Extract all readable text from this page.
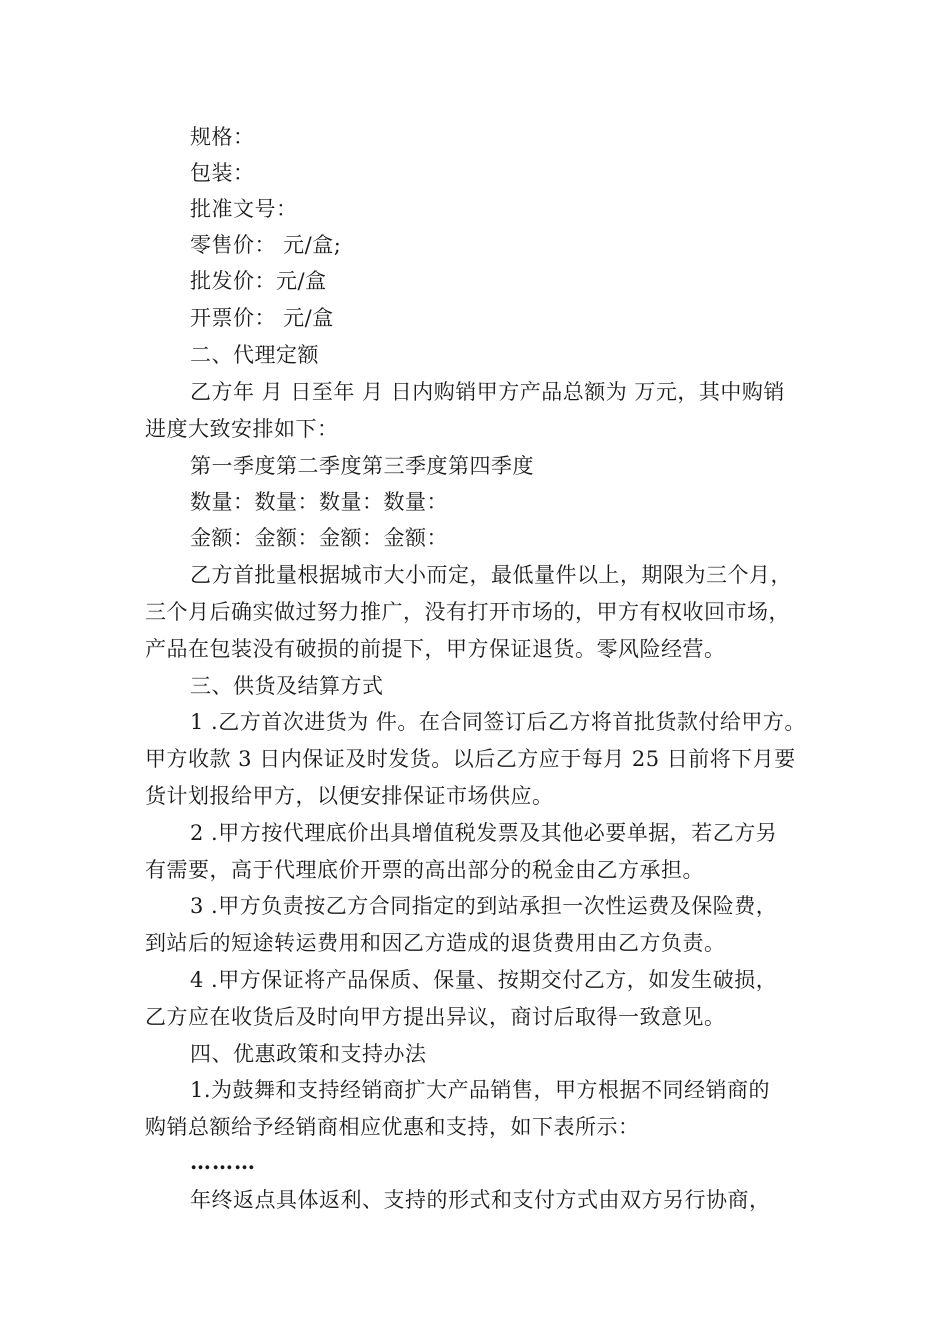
规格：
包装：
批准文号：
零售价： 元/盒;
批发价：元/盒
开票价： 元/盒
二、代理定额
乙方年 月 日至年 月 日内购销甲方产品总额为 万元，其中购销
进度大致安排如下：
第一季度第二季度第三季度第四季度
数量：数量：数量：数量：
金额：金额：金额：金额：
乙方首批量根据城市大小而定，最低量件以上，期限为三个月，
三个月后确实做过努力推广，没有打开市场的，甲方有权收回市场，
产品在包装没有破损的前提下，甲方保证退货。零风险经营。
三、供货及结算方式
1 .乙方首次进货为 件。在合同签订后乙方将首批货款付给甲方。
甲方收款 3 日内保证及时发货。以后乙方应于每月 25 日前将下月要
货计划报给甲方，以便安排保证市场供应。
2 .甲方按代理底价出具增值税发票及其他必要单据，若乙方另
有需要，高于代理底价开票的高出部分的税金由乙方承担。
3 .甲方负责按乙方合同指定的到站承担一次性运费及保险费，
到站后的短途转运费用和因乙方造成的退货费用由乙方负责。
4 .甲方保证将产品保质、保量、按期交付乙方，如发生破损，
乙方应在收货后及时向甲方提出异议，商讨后取得一致意见。
四、优惠政策和支持办法
1.为鼓舞和支持经销商扩大产品销售，甲方根据不同经销商的
购销总额给予经销商相应优惠和支持，如下表所示：
………
年终返点具体返利、支持的形式和支付方式由双方另行协商，
